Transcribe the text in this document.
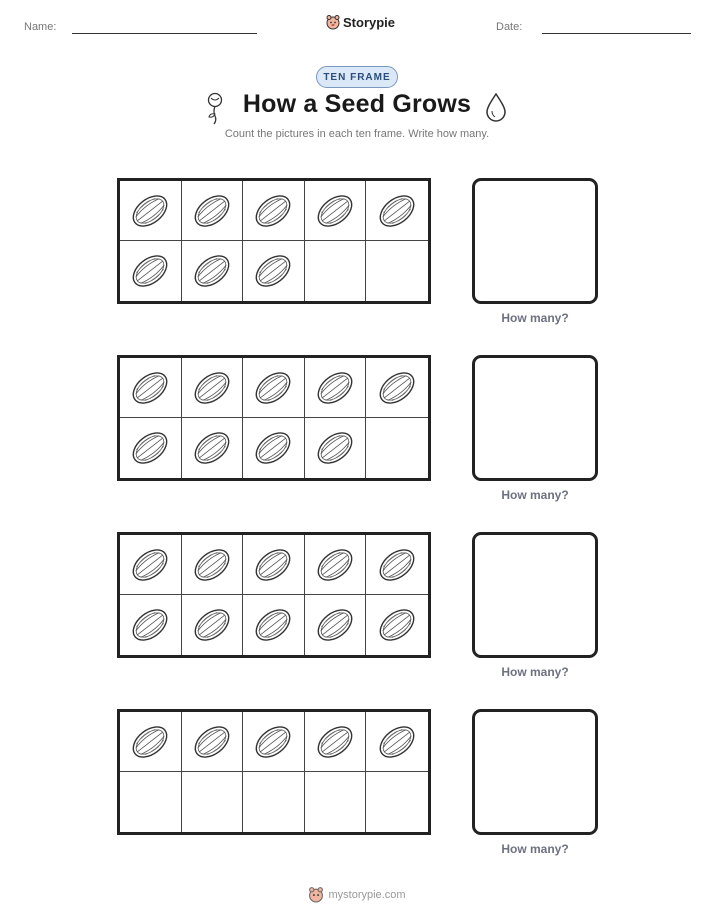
Name:	Storypie	Date:
TEN FRAME
How a Seed Grows
Count the pictures in each ten frame. Write how many.
How many?
How many?
How many?
How many?
mystorypie.com
